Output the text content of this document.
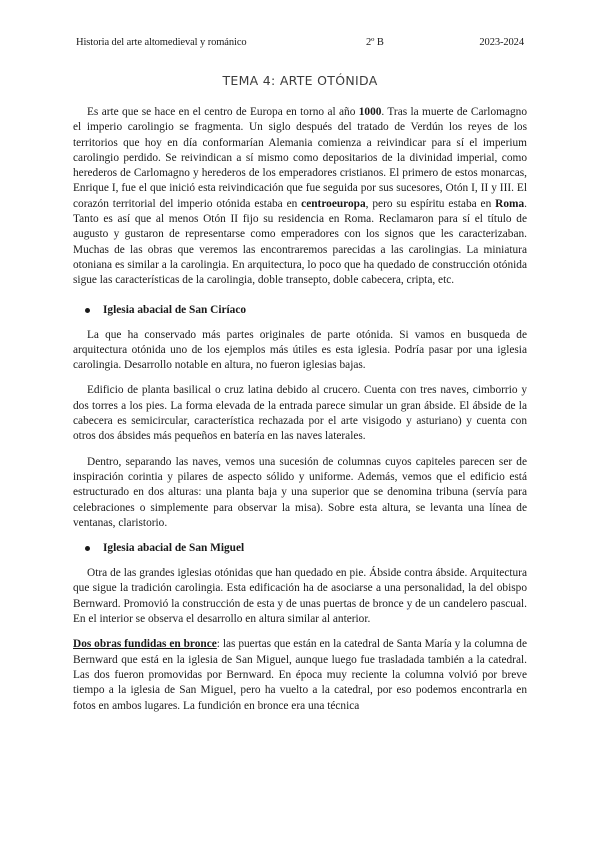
Historia del arte altomedieval y románico	2º B	2023-2024
TEMA 4: ARTE OTÓNIDA

Es arte que se hace en el centro de Europa en torno al año 1000. Tras la muerte de Carlomagno el imperio carolingio se fragmenta. Un siglo después del tratado de Verdún los reyes de los territorios que hoy en día conformarían Alemania comienza a reivindicar para sí el imperium carolingio perdido. Se reivindican a sí mismo como depositarios de la divinidad imperial, como herederos de Carlomagno y herederos de los emperadores cristianos. El primero de estos monarcas, Enrique I, fue el que inició esta reivindicación que fue seguida por sus sucesores, Otón I, II y III. El corazón territorial del imperio otónida estaba en centroeuropa, pero su espíritu estaba en Roma. Tanto es así que al menos Otón II fijo su residencia en Roma. Reclamaron para sí el título de augusto y gustaron de representarse como emperadores con los signos que les caracterizaban. Muchas de las obras que veremos las encontraremos parecidas a las carolingias. La miniatura otoniana es similar a la carolingia. En arquitectura, lo poco que ha quedado de construcción otónida sigue las características de la carolingia, doble transepto, doble cabecera, cripta, etc.

Iglesia abacial de San Ciríaco

La que ha conservado más partes originales de parte otónida. Si vamos en busqueda de arquitectura otónida uno de los ejemplos más útiles es esta iglesia. Podría pasar por una iglesia carolingia. Desarrollo notable en altura, no fueron iglesias bajas.

Edificio de planta basilical o cruz latina debido al crucero. Cuenta con tres naves, cimborrio y dos torres a los pies. La forma elevada de la entrada parece simular un gran ábside. El ábside de la cabecera es semicircular, característica rechazada por el arte visigodo y asturiano) y cuenta con otros dos ábsides más pequeños en batería en las naves laterales.

Dentro, separando las naves, vemos una sucesión de columnas cuyos capiteles parecen ser de inspiración corintia y pilares de aspecto sólido y uniforme. Además, vemos que el edificio está estructurado en dos alturas: una planta baja y una superior que se denomina tribuna (servía para celebraciones o simplemente para observar la misa). Sobre esta altura, se levanta una línea de ventanas, claristorio.

Iglesia abacial de San Miguel

Otra de las grandes iglesias otónidas que han quedado en pie. Ábside contra ábside. Arquitectura que sigue la tradición carolingia. Esta edificación ha de asociarse a una personalidad, la del obispo Bernward. Promovió la construcción de esta y de unas puertas de bronce y de un candelero pascual. En el interior se observa el desarrollo en altura similar al anterior.

Dos obras fundidas en bronce: las puertas que están en la catedral de Santa María y la columna de Bernward que está en la iglesia de San Miguel, aunque luego fue trasladada también a la catedral. Las dos fueron promovidas por Bernward. En época muy reciente la columna volvió por breve tiempo a la iglesia de San Miguel, pero ha vuelto a la catedral, por eso podemos encontrarla en fotos en ambos lugares. La fundición en bronce era una técnica
